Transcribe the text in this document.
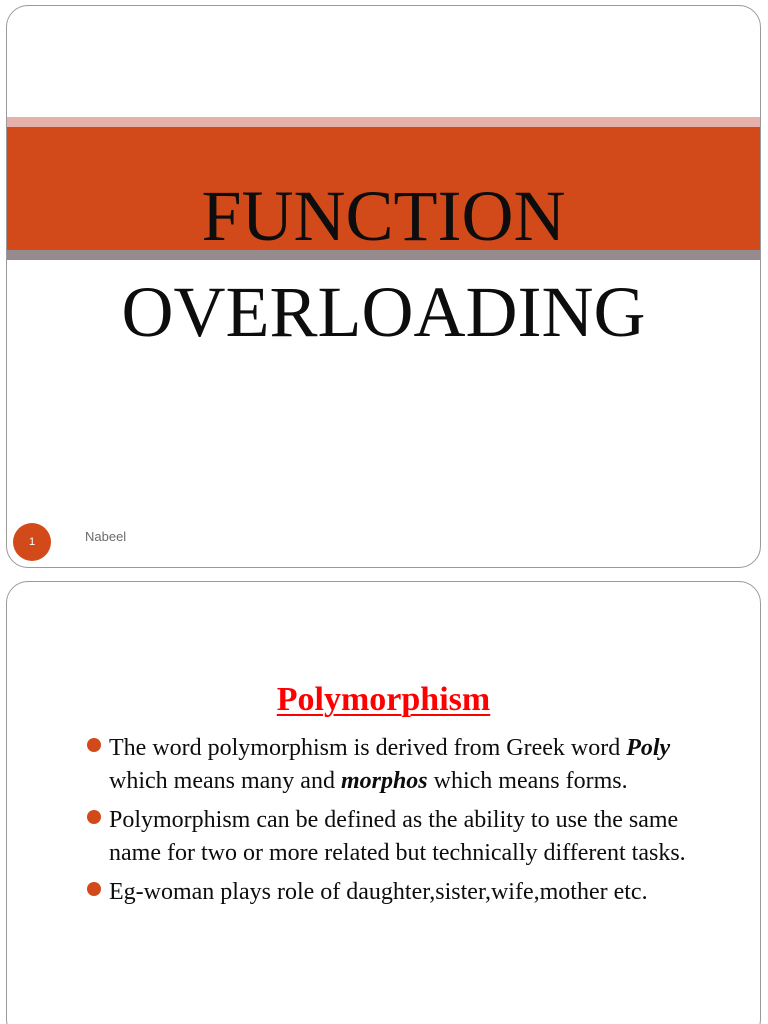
FUNCTION
OVERLOADING
1	Nabeel
Polymorphism
The word polymorphism is derived from Greek word Poly which means many and morphos which means forms.
Polymorphism can be defined as the ability to use the same name for two or more related but technically different tasks.
Eg-woman plays role of daughter,sister,wife,mother etc.
